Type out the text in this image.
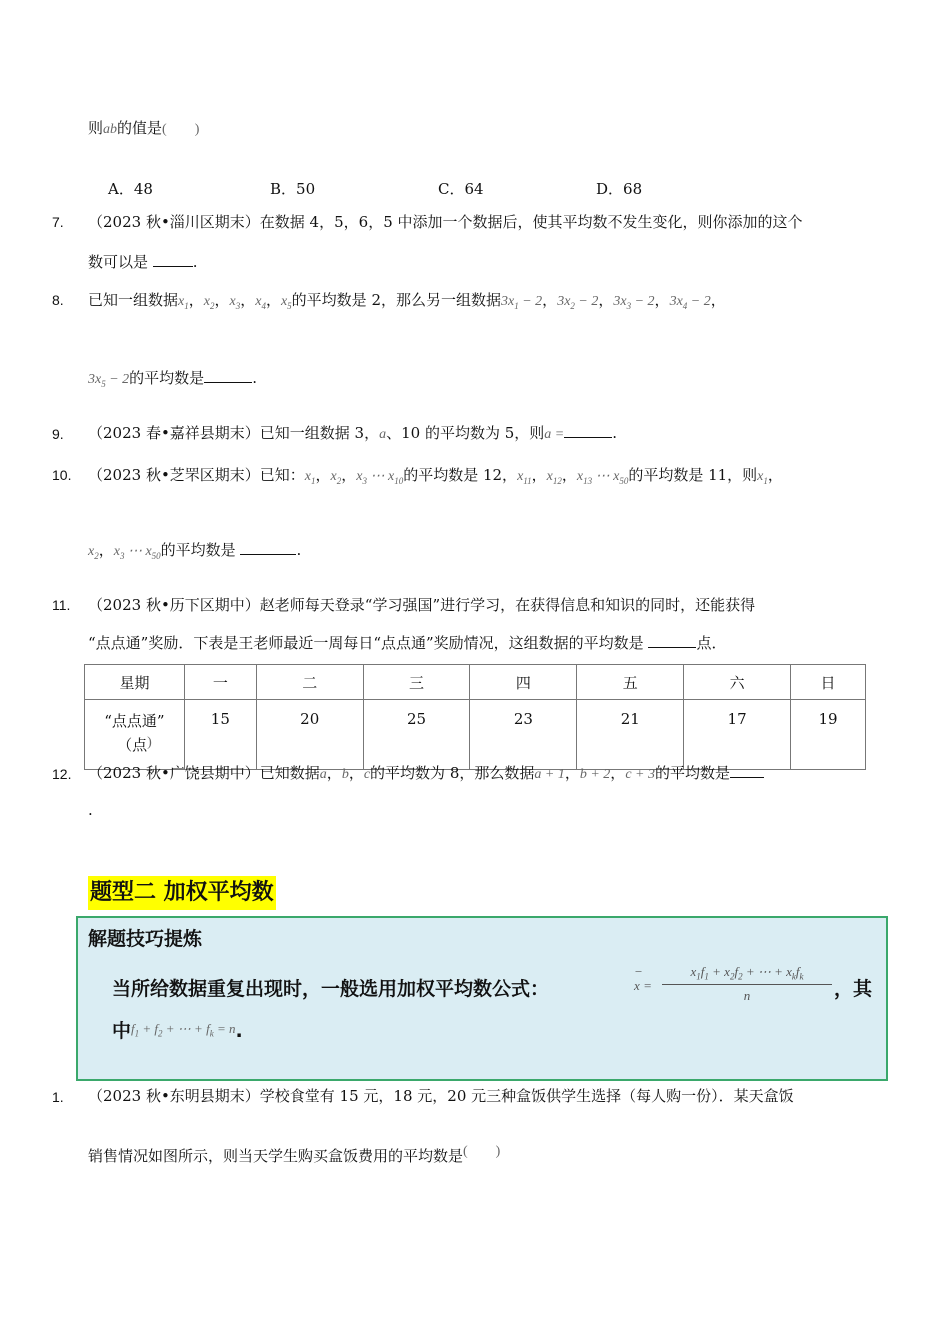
则ab的值是(　　)
A．48	B．50	C．64	D．68
7. （2023 秋•淄川区期末）在数据 4，5，6，5 中添加一个数据后，使其平均数不发生变化，则你添加的这个
数可以是	.
8. 已知一组数据$x_1$，$x_2$，$x_3$，$x_4$，$x_5$的平均数是 2，那么另一组数据$3x_1 - 2$，$3x_2 - 2$，$3x_3 - 2$，$3x_4 - 2$，
$3x_5 - 2$的平均数是	.
9. （2023 春•嘉祥县期末）已知一组数据 3，a、10 的平均数为 5，则a =	.
10. （2023 秋•芝罘区期末）已知：$x_1$，$x_2$，$x_3$ ⋯ $x_{10}$的平均数是 12，$x_{11}$，$x_{12}$，$x_{13}$ ⋯ $x_{50}$的平均数是 11，则$x_1$，
$x_2$，$x_3$ ⋯ $x_{50}$的平均数是	.
11. （2023 秋•历下区期中）赵老师每天登录“学习强国”进行学习，在获得信息和知识的同时，还能获得
“点点通”奖励．下表是王老师最近一周每日“点点通”奖励情况，这组数据的平均数是	点．
星期	一	二	三	四	五	六	日

“点点通”
（点)	15	20	25	23	21	17	19
12. （2023 秋•广饶县期中）已知数据a，b，c的平均数为 8，那么数据a + 1，b + 2，c + 3的平均数是
.
题型二 加权平均数
解题技巧提炼
当所给数据重复出现时，一般选用加权平均数公式：
−
x =
$x_1f_1 + x_2f_2$ + ⋯ + $x_kf_k$
n	，其
中$^{f_1 + f_2 + \cdots + f_k = n}$.
1. （2023 秋•东明县期末）学校食堂有 15 元，18 元，20 元三种盒饭供学生选择（每人购一份）．某天盒饭
销售情况如图所示，则当天学生购买盒饭费用的平均数是(　　)
